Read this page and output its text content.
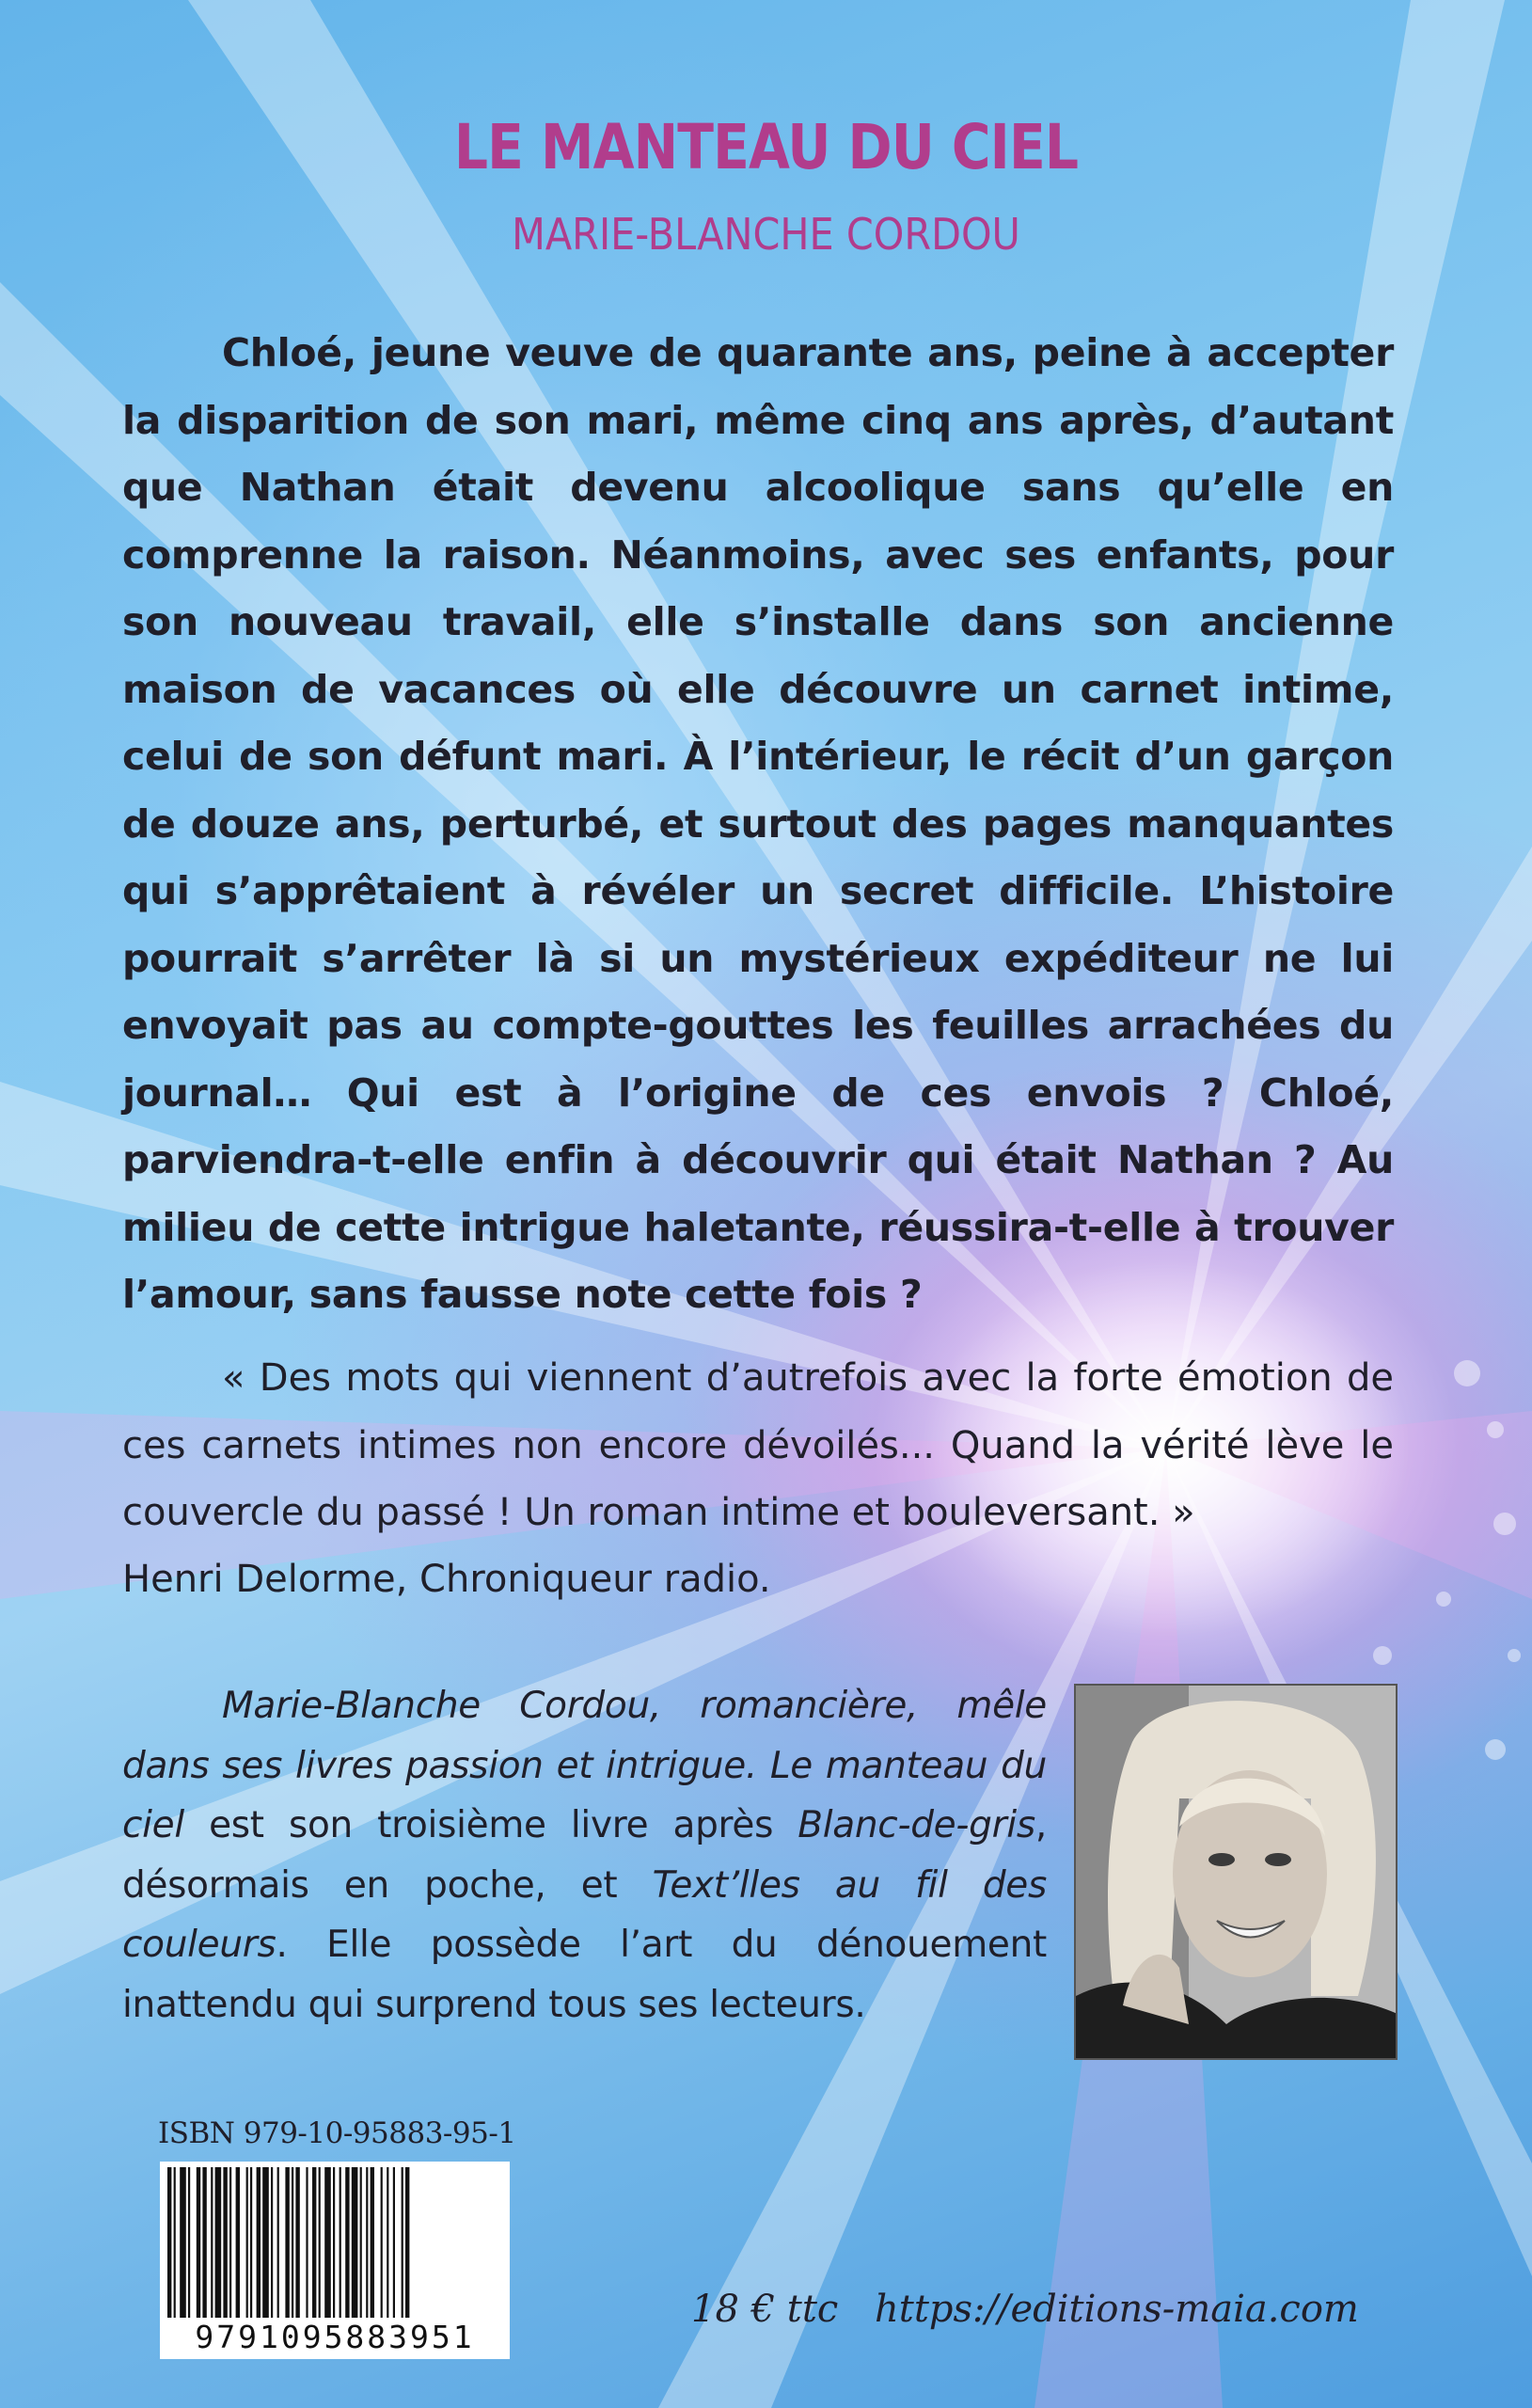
LE MANTEAU DU CIEL
MARIE-BLANCHE CORDOU

Chloé, jeune veuve de quarante ans, peine à accepter la disparition de son mari, même cinq ans après, d’autant que Nathan était devenu alcoolique sans qu’elle en comprenne la raison. Néanmoins, avec ses enfants, pour son nouveau travail, elle s’installe dans son ancienne maison de vacances où elle découvre un carnet intime, celui de son défunt mari. À l’intérieur, le récit d’un garçon de douze ans, perturbé, et surtout des pages manquantes qui s’apprêtaient à révéler un secret difficile. L’histoire pourrait s’arrêter là si un mystérieux expéditeur ne lui envoyait pas au compte-gouttes les feuilles arrachées du journal… Qui est à l’origine de ces envois ? Chloé, parviendra-t-elle enfin à découvrir qui était Nathan ? Au milieu de cette intrigue haletante, réussira-t-elle à trouver l’amour, sans fausse note cette fois ?

« Des mots qui viennent d’autrefois avec la forte émotion de ces carnets intimes non encore dévoilés... Quand la vérité lève le couvercle du passé ! Un roman intime et bouleversant. »

Henri Delorme, Chroniqueur radio.

Marie-Blanche Cordou, romancière, mêle dans ses livres passion et intrigue. Le manteau du ciel est son troisième livre après Blanc-de-gris, désormais en poche, et Text’lles au fil des couleurs. Elle possède l’art du dénouement inattendu qui surprend tous ses lecteurs.

ISBN 979-10-95883-95-1
9791095883951
18 € ttc https://editions-maia.com
